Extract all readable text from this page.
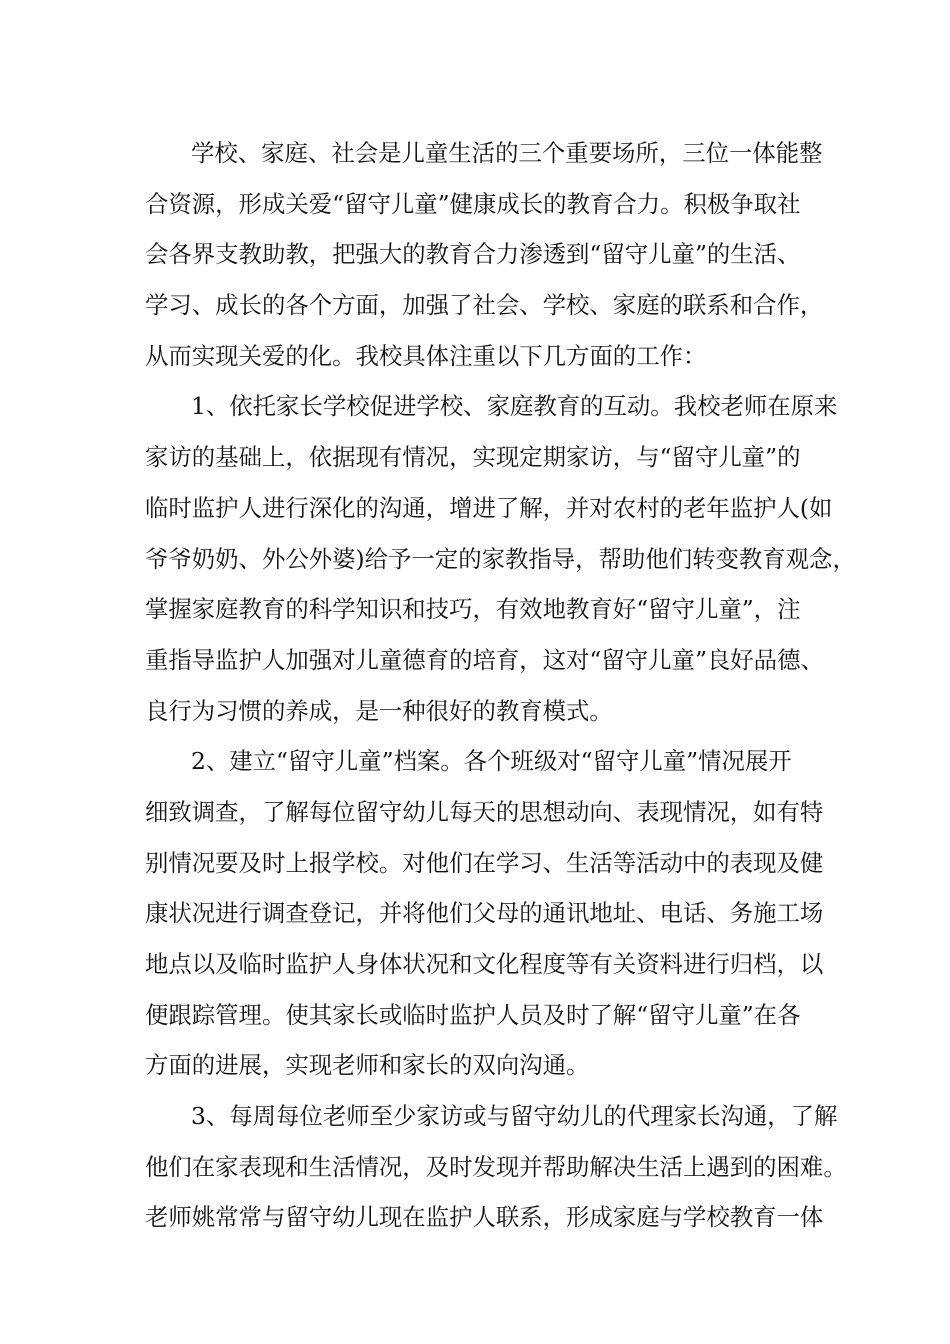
学校、家庭、社会是儿童生活的三个重要场所，三位一体能整
合资源，形成关爱“留守儿童”健康成长的教育合力。积极争取社
会各界支教助教，把强大的教育合力渗透到“留守儿童”的生活、
学习、成长的各个方面，加强了社会、学校、家庭的联系和合作，
从而实现关爱的化。我校具体注重以下几方面的工作：
1、依托家长学校促进学校、家庭教育的互动。我校老师在原来
家访的基础上，依据现有情况，实现定期家访，与“留守儿童”的
临时监护人进行深化的沟通，增进了解，并对农村的老年监护人(如
爷爷奶奶、外公外婆)给予一定的家教指导，帮助他们转变教育观念，
掌握家庭教育的科学知识和技巧，有效地教育好“留守儿童”，注
重指导监护人加强对儿童德育的培育，这对“留守儿童”良好品德、
良行为习惯的养成，是一种很好的教育模式。
2、建立“留守儿童”档案。各个班级对“留守儿童”情况展开
细致调查，了解每位留守幼儿每天的思想动向、表现情况，如有特
别情况要及时上报学校。对他们在学习、生活等活动中的表现及健
康状况进行调查登记，并将他们父母的通讯地址、电话、务施工场
地点以及临时监护人身体状况和文化程度等有关资料进行归档，以
便跟踪管理。使其家长或临时监护人员及时了解“留守儿童”在各
方面的进展，实现老师和家长的双向沟通。
3、每周每位老师至少家访或与留守幼儿的代理家长沟通，了解
他们在家表现和生活情况，及时发现并帮助解决生活上遇到的困难。
老师姚常常与留守幼儿现在监护人联系，形成家庭与学校教育一体
